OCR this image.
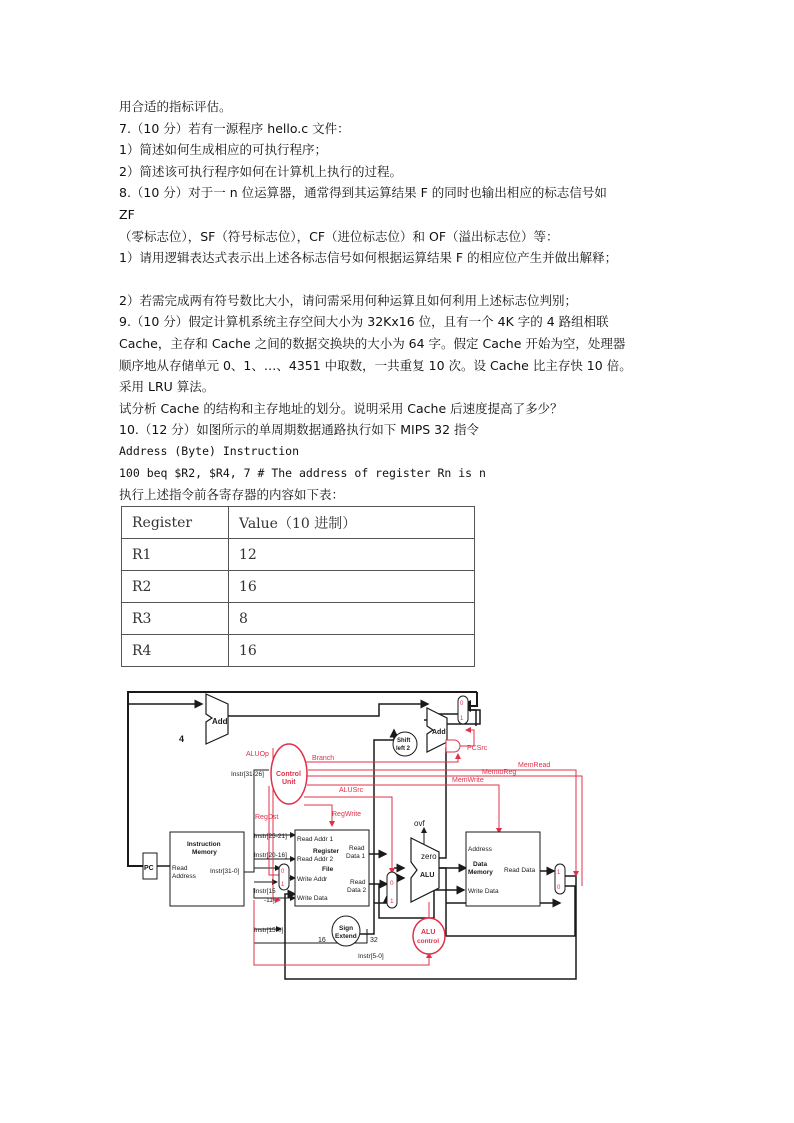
用合适的指标评估。
7.（10 分）若有一源程序 hello.c 文件：
1）简述如何生成相应的可执行程序；
2）简述该可执行程序如何在计算机上执行的过程。
8.（10 分）对于一 n 位运算器，通常得到其运算结果 F 的同时也输出相应的标志信号如
ZF
（零标志位），SF（符号标志位），CF（进位标志位）和 OF（溢出标志位）等：
1）请用逻辑表达式表示出上述各标志信号如何根据运算结果 F 的相应位产生并做出解释；
2）若需完成两有符号数比大小，请问需采用何种运算且如何利用上述标志位判别；
9.（10 分）假定计算机系统主存空间大小为 32Kx16 位，且有一个 4K 字的 4 路组相联
Cache，主存和 Cache 之间的数据交换块的大小为 64 字。假定 Cache 开始为空，处理器
顺序地从存储单元 0、1、…、4351 中取数，一共重复 10 次。设 Cache 比主存快 10 倍。
采用 LRU 算法。
试分析 Cache 的结构和主存地址的划分。说明采用 Cache 后速度提高了多少？
10.（12 分）如图所示的单周期数据通路执行如下 MIPS 32 指令
Address (Byte) Instruction
100 beq $R2, $R4, 7 # The address of register Rn is n
执行上述指令前各寄存器的内容如下表：
Register	Value（10 进制）
R1	12
R2	16
R3	8
R4	16
Add
4
Add
0
1
PCSrc
Shift
left 2
ALUOp
Branch
MemRead
MemtoReg
MemWrite
ALUSrc
RegWrite
RegDst
Control
Unit
Instr[31-26]
PC
Instruction
Memory
Read
Address
Instr[31-0]
Instr[25-21]
Instr[20-16]
Instr[15
-11]
Instr[15-0]
Instr[5-0]
0
1
Read Addr 1
Register
Read Addr 2
File
Write Addr
Write Data
Read
Data 1
Read
Data 2
0
1
ovf
zero
ALU
Sign
Extend
16	32
ALU
control
Address
Data
Memory Read Data
Write Data
1
0
